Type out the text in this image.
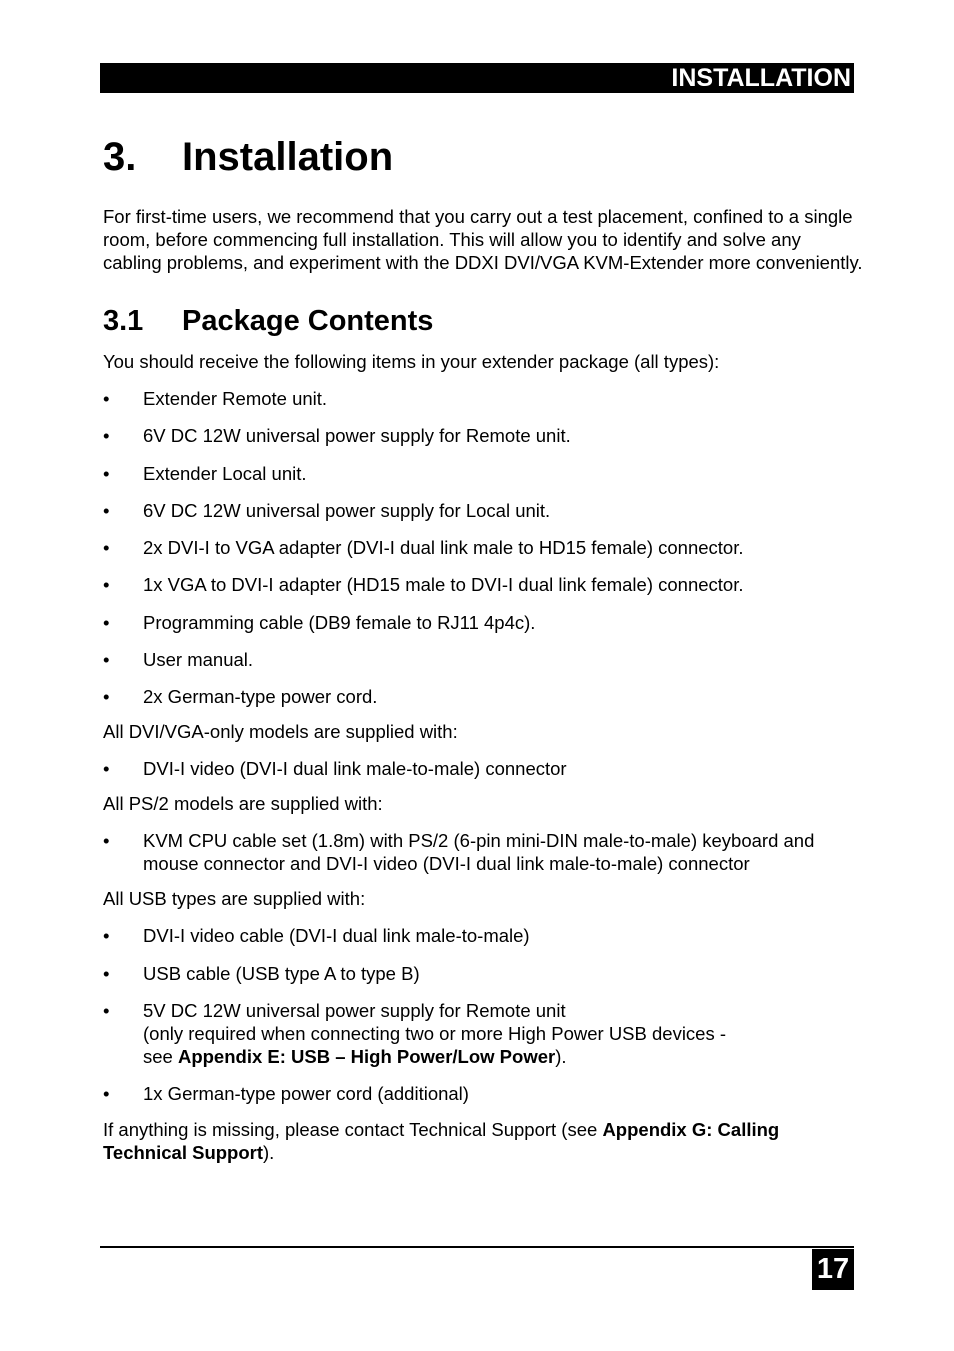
INSTALLATION
3. Installation

For first-time users, we recommend that you carry out a test placement, confined to a single room, before commencing full installation. This will allow you to identify and solve any cabling problems, and experiment with the DDXI DVI/VGA KVM-Extender more conveniently.

3.1 Package Contents

You should receive the following items in your extender package (all types):

• Extender Remote unit.
• 6V DC 12W universal power supply for Remote unit.
• Extender Local unit.
• 6V DC 12W universal power supply for Local unit.
• 2x DVI-I to VGA adapter (DVI-I dual link male to HD15 female) connector.
• 1x VGA to DVI-I adapter (HD15 male to DVI-I dual link female) connector.
• Programming cable (DB9 female to RJ11 4p4c).
• User manual.
• 2x German-type power cord.

All DVI/VGA-only models are supplied with:

• DVI-I video (DVI-I dual link male-to-male) connector

All PS/2 models are supplied with:

• KVM CPU cable set (1.8m) with PS/2 (6-pin mini-DIN male-to-male) keyboard and mouse connector and DVI-I video (DVI-I dual link male-to-male) connector

All USB types are supplied with:

• DVI-I video cable (DVI-I dual link male-to-male)
• USB cable (USB type A to type B)
• 5V DC 12W universal power supply for Remote unit
(only required when connecting two or more High Power USB devices -
see Appendix E: USB – High Power/Low Power).
• 1x German-type power cord (additional)

If anything is missing, please contact Technical Support (see Appendix G: Calling Technical Support).

17
